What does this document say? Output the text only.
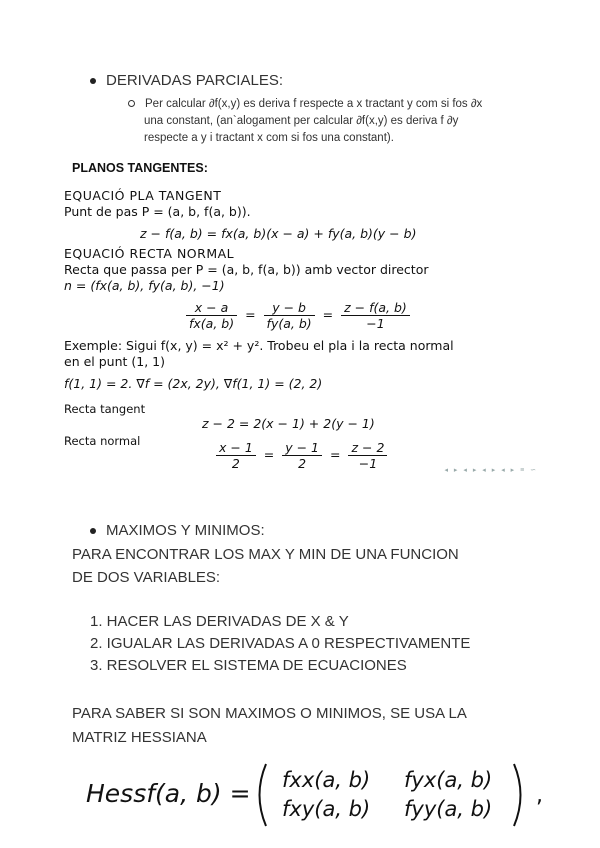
DERIVADAS PARCIALES:
Per calcular ∂f(x,y) es deriva f respecte a x tractant y com si fos ∂x
una constant, (an`alogament per calcular ∂f(x,y) es deriva f ∂y
respecte a y i tractant x com si fos una constant).
PLANOS TANGENTES:
EQUACIÓ PLA TANGENT
Punt de pas P = (a, b, f(a, b)).
z − f(a, b) = fx(a, b)(x − a) + fy(a, b)(y − b)
EQUACIÓ RECTA NORMAL
Recta que passa per P = (a, b, f(a, b)) amb vector director
n = (fx(a, b), fy(a, b), −1)
$\frac{x - a}{fx(a, b)} = \frac{y - b}{fy(a, b)} = \frac{z - f(a, b)}{-1}$
Exemple: Sigui f(x, y) = x² + y². Trobeu el pla i la recta normal
en el punt (1, 1)
f(1, 1) = 2. ∇f = (2x, 2y), ∇f(1, 1) = (2, 2)
Recta tangent
z − 2 = 2(x − 1) + 2(y − 1)
Recta normal	$\frac{x - 1}{2} = \frac{y - 1}{2} = \frac{z - 2}{-1}$	◂ ▸ ◂ ▸ ◂ ▸ ◂ ▸ ≡ ∽
MAXIMOS Y MINIMOS:
PARA ENCONTRAR LOS MAX Y MIN DE UNA FUNCION
DE DOS VARIABLES:
1. HACER LAS DERIVADAS DE X & Y
2. IGUALAR LAS DERIVADAS A 0 RESPECTIVAMENTE
3. RESOLVER EL SISTEMA DE ECUACIONES
PARA SABER SI SON MAXIMOS O MINIMOS, SE USA LA
MATRIZ HESSIANA
Hessf(a, b) = fxx(a, b) fyx(a, b)
fxy(a, b) fyy(a, b)
,
